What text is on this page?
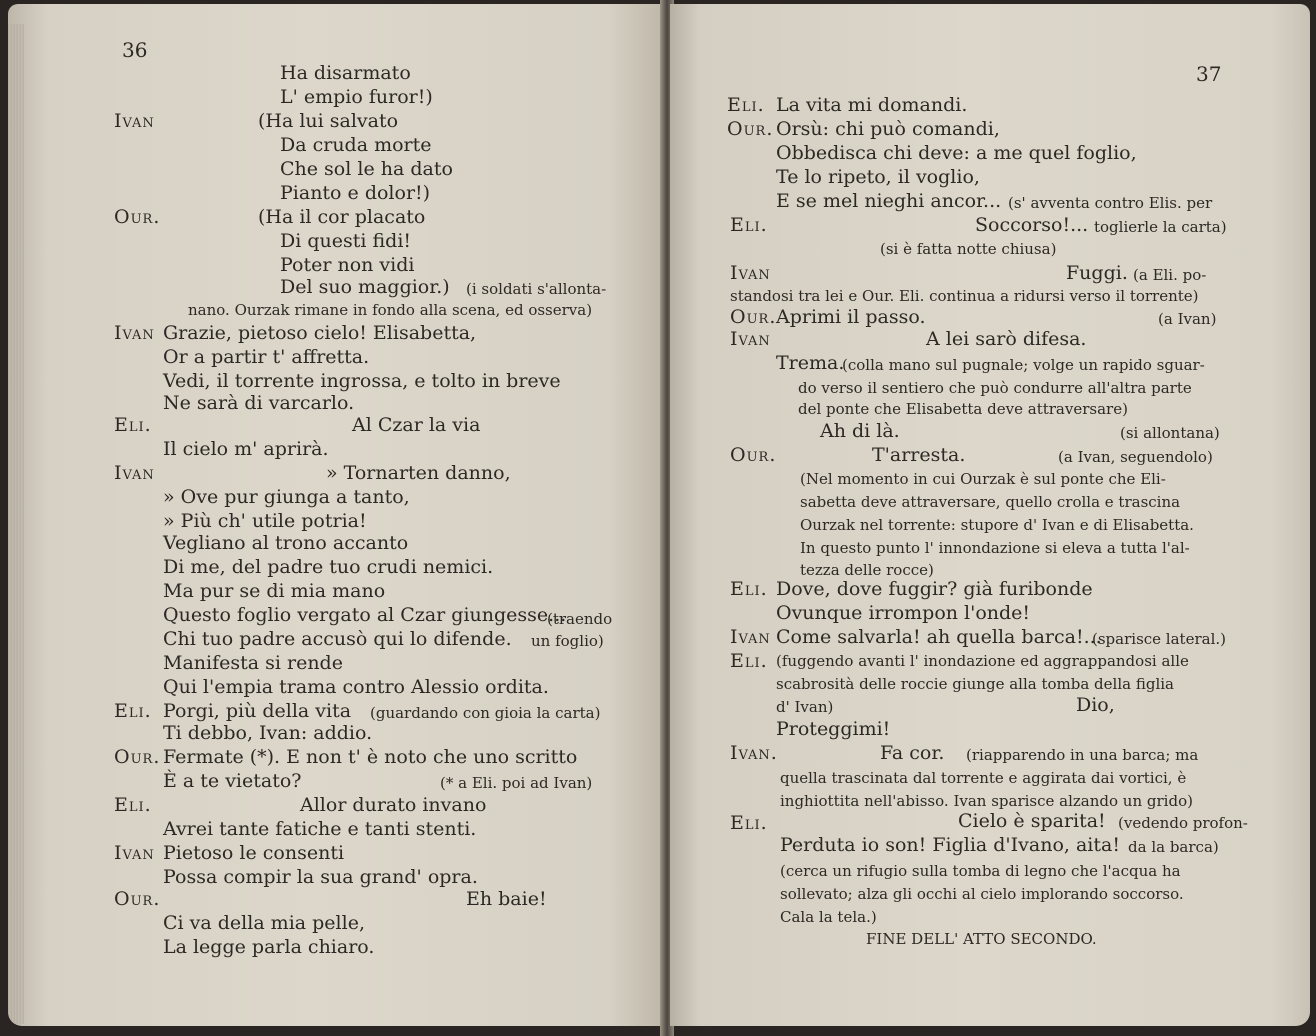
36
Ha disarmato
L' empio furor!)
Ivan	(Ha lui salvato
Da cruda morte
Che sol le ha dato
Pianto e dolor!)
Our.	(Ha il cor placato
Di questi fidi!
Poter non vidi
Del suo maggior.) (i soldati s'allonta-
nano. Ourzak rimane in fondo alla scena, ed osserva)
Ivan Grazie, pietoso cielo! Elisabetta,
Or a partir t' affretta.
Vedi, il torrente ingrossa, e tolto in breve
Ne sarà di varcarlo.
Eli.	Al Czar la via
Il cielo m' aprirà.
Ivan	» Tornarten danno,
» Ove pur giunga a tanto,
» Più ch' utile potria!
Vegliano al trono accanto
Di me, del padre tuo crudi nemici.
Ma pur se di mia mano
Questo foglio vergato al Czar giungesse...
(traendo
Chi tuo padre accusò qui lo difende. un foglio)
Manifesta si rende
Qui l'empia trama contro Alessio ordita.
Eli. Porgi, più della vita (guardando con gioia la carta)
Ti debbo, Ivan: addio.
Our. Fermate (*). E non t' è noto che uno scritto
È a te vietato?	(* a Eli. poi ad Ivan)
Eli.	Allor durato invano
Avrei tante fatiche e tanti stenti.
Ivan Pietoso le consenti
Possa compir la sua grand' opra.
Our.	Eh baie!
Ci va della mia pelle,
La legge parla chiaro.
37
Eli. La vita mi domandi.
Our. Orsù: chi può comandi,
Obbedisca chi deve: a me quel foglio,
Te lo ripeto, il voglio,
E se mel nieghi ancor... (s' avventa contro Elis. per
Eli.	Soccorso!... toglierle la carta)
(si è fatta notte chiusa)
Ivan	Fuggi. (a Eli. po-
standosi tra lei e Our. Eli. continua a ridursi verso il torrente)
Our. Aprimi il passo.	(a Ivan)
Ivan	A lei sarò difesa.
Trema.
(colla mano sul pugnale; volge un rapido sguar-
do verso il sentiero che può condurre all'altra parte
del ponte che Elisabetta deve attraversare)
Ah di là.	(si allontana)
Our.	T'arresta.	(a Ivan, seguendolo)
(Nel momento in cui Ourzak è sul ponte che Eli-
sabetta deve attraversare, quello crolla e trascina
Ourzak nel torrente: stupore d' Ivan e di Elisabetta.
In questo punto l' innondazione si eleva a tutta l'al-
tezza delle rocce)
Eli. Dove, dove fuggir? già furibonde
Ovunque irrompon l'onde!
Ivan Come salvarla! ah quella barca!...
(sparisce lateral.)
Eli. (fuggendo avanti l' inondazione ed aggrappandosi alle
scabrosità delle roccie giunge alla tomba della figlia
d' Ivan)	Dio,
Proteggimi!
Ivan.	Fa cor. (riapparendo in una barca; ma
quella trascinata dal torrente e aggirata dai vortici, è
inghiottita nell'abisso. Ivan sparisce alzando un grido)
Eli.	Cielo è sparita! (vedendo profon-
Perduta io son! Figlia d'Ivano, aita! da la barca)
(cerca un rifugio sulla tomba di legno che l'acqua ha
sollevato; alza gli occhi al cielo implorando soccorso.
Cala la tela.)
FINE DELL' ATTO SECONDO.
